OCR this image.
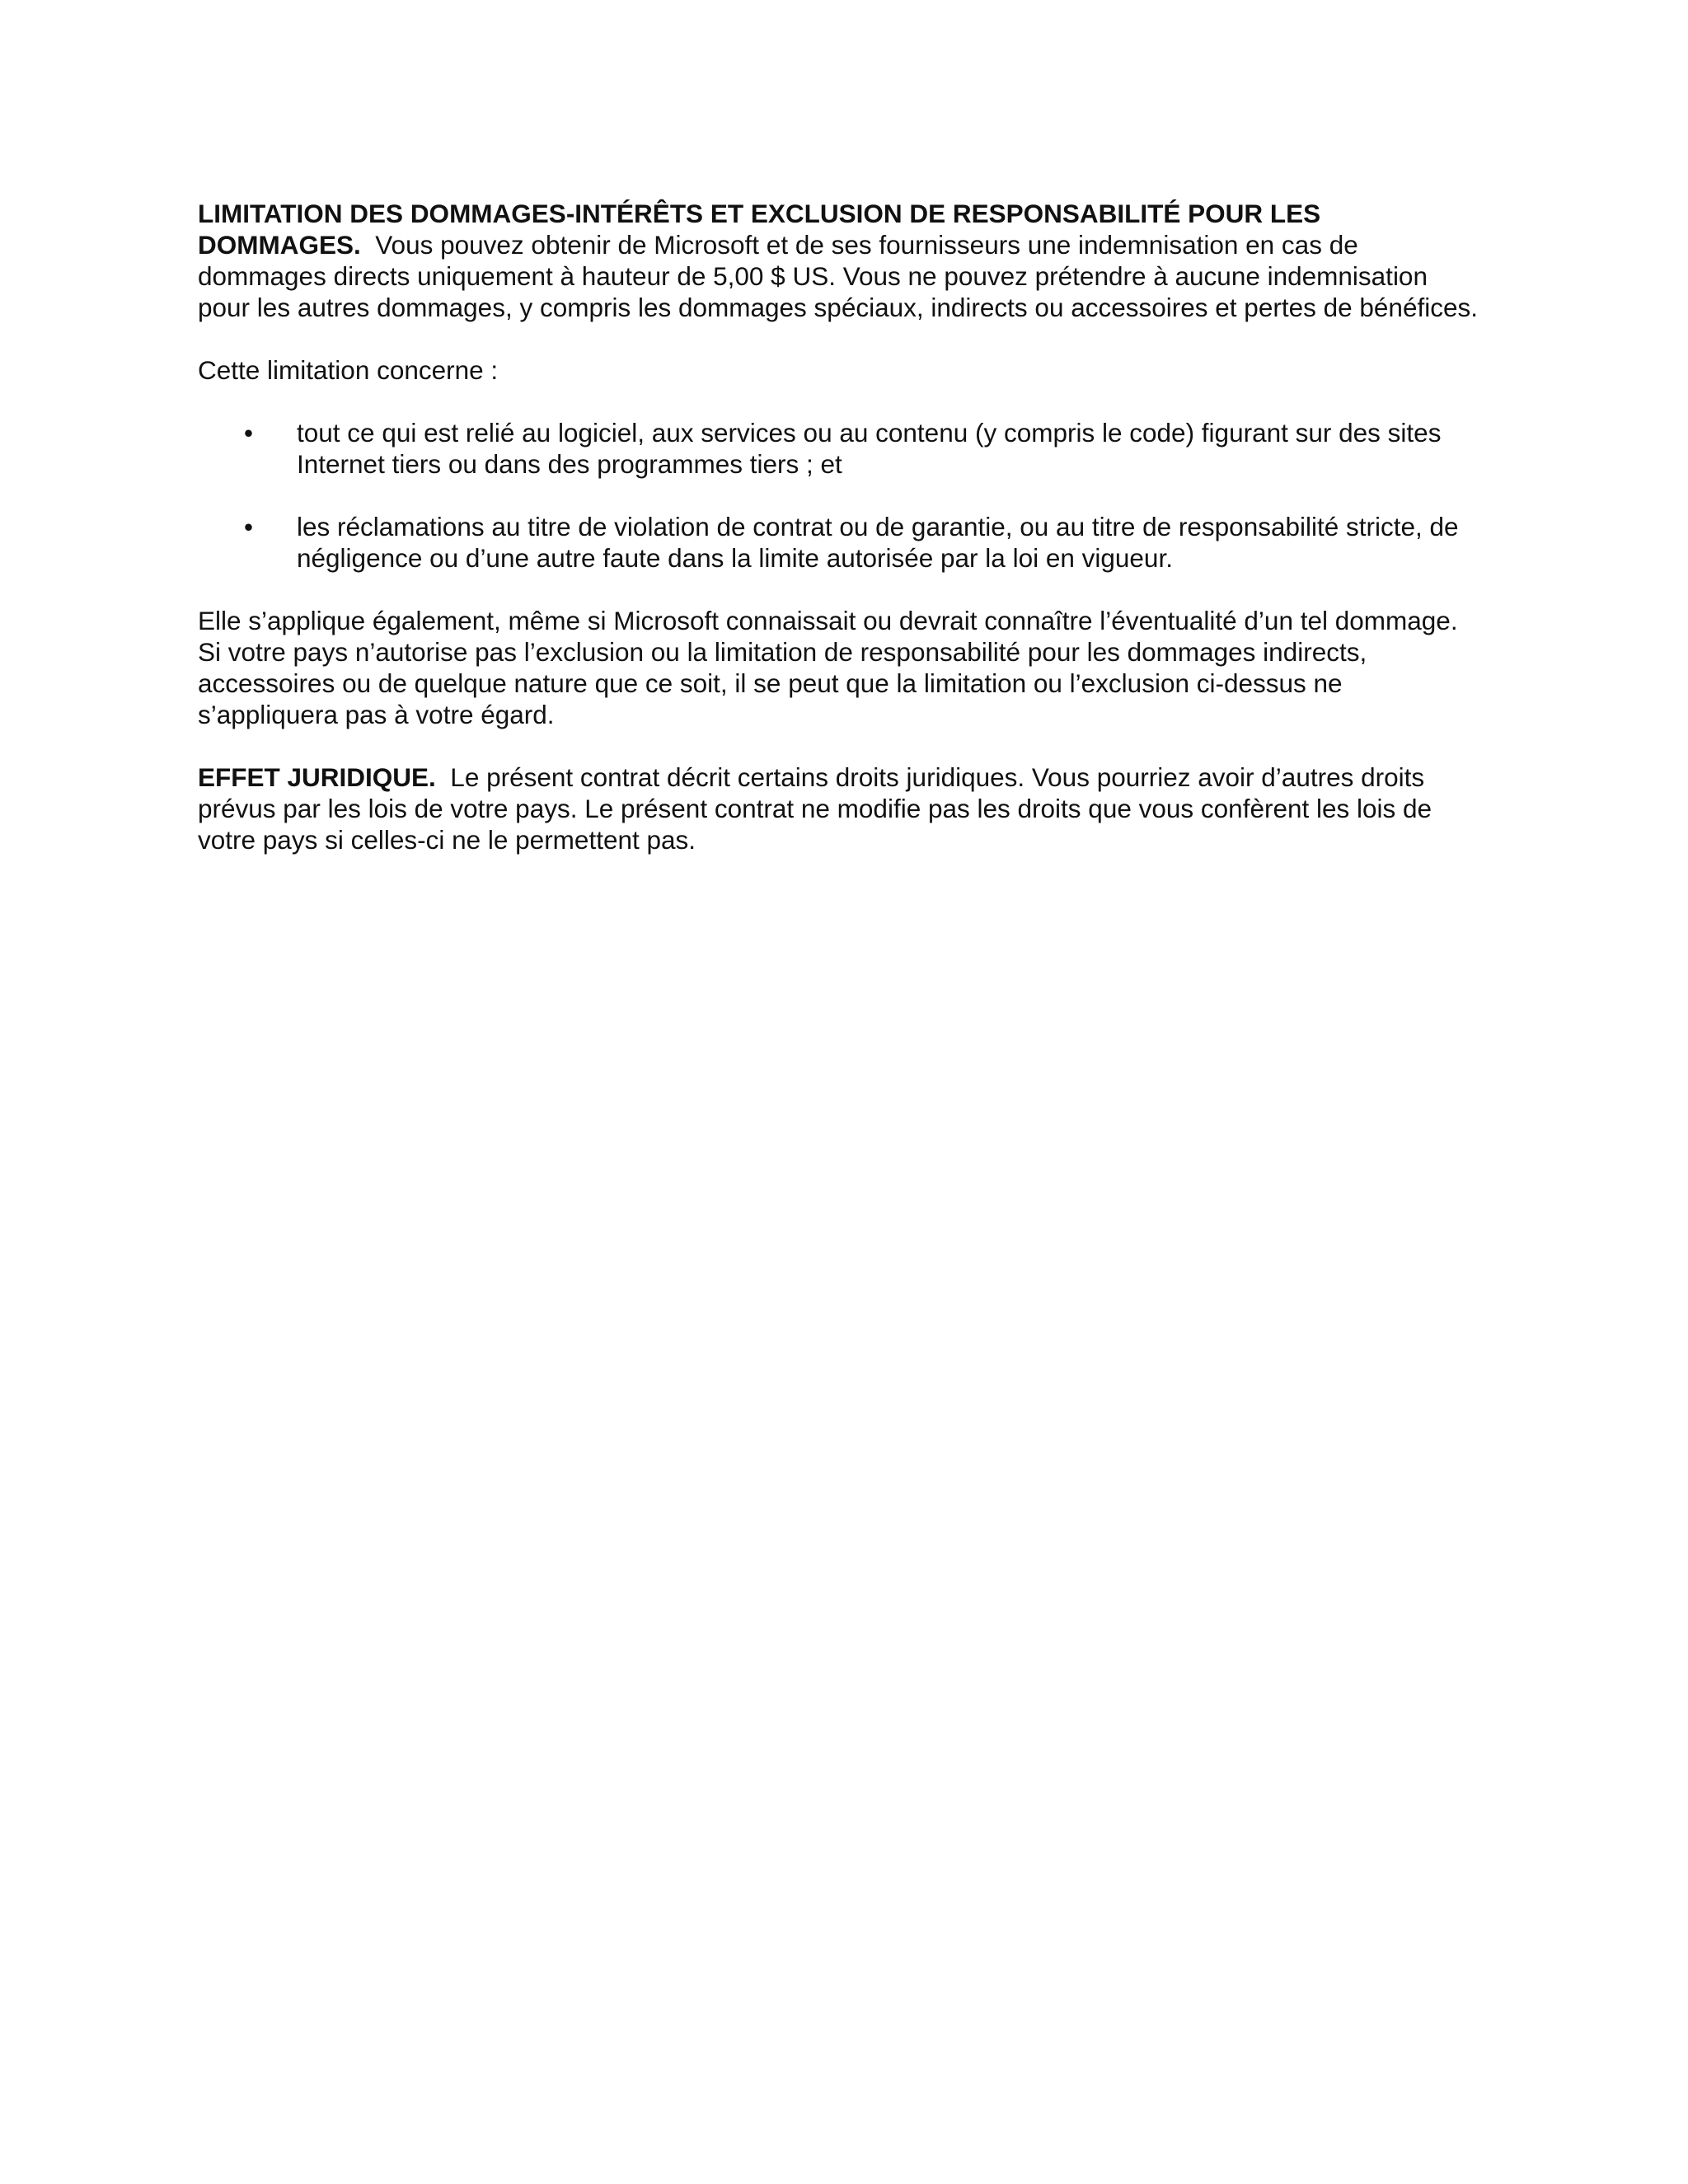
LIMITATION DES DOMMAGES-INTÉRÊTS ET EXCLUSION DE RESPONSABILITÉ POUR LES DOMMAGES. Vous pouvez obtenir de Microsoft et de ses fournisseurs une indemnisation en cas de dommages directs uniquement à hauteur de 5,00 $ US. Vous ne pouvez prétendre à aucune indemnisation pour les autres dommages, y compris les dommages spéciaux, indirects ou accessoires et pertes de bénéfices.

Cette limitation concerne :

• tout ce qui est relié au logiciel, aux services ou au contenu (y compris le code) figurant sur des sites Internet tiers ou dans des programmes tiers ; et
• les réclamations au titre de violation de contrat ou de garantie, ou au titre de responsabilité stricte, de négligence ou d’une autre faute dans la limite autorisée par la loi en vigueur.

Elle s’applique également, même si Microsoft connaissait ou devrait connaître l’éventualité d’un tel dommage. Si votre pays n’autorise pas l’exclusion ou la limitation de responsabilité pour les dommages indirects, accessoires ou de quelque nature que ce soit, il se peut que la limitation ou l’exclusion ci-dessus ne s’appliquera pas à votre égard.

EFFET JURIDIQUE. Le présent contrat décrit certains droits juridiques. Vous pourriez avoir d’autres droits prévus par les lois de votre pays. Le présent contrat ne modifie pas les droits que vous confèrent les lois de votre pays si celles-ci ne le permettent pas.
